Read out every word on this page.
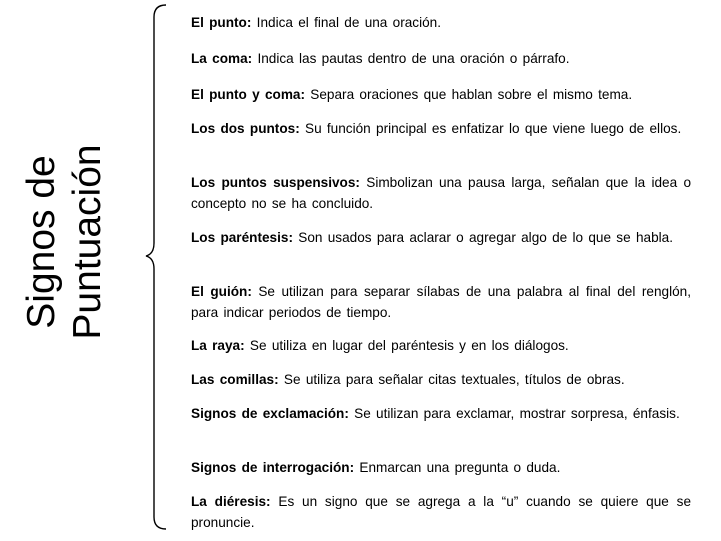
Signos de Puntuación
El punto: Indica el final de una oración.
La coma: Indica las pautas dentro de una oración o párrafo.
El punto y coma: Separa oraciones que hablan sobre el mismo tema.
Los dos puntos: Su función principal es enfatizar lo que viene luego de ellos.
Los puntos suspensivos: Simbolizan una pausa larga, señalan que la idea o concepto no se ha concluido.
Los paréntesis: Son usados para aclarar o agregar algo de lo que se habla.
El guión: Se utilizan para separar sílabas de una palabra al final del renglón, para indicar periodos de tiempo.
La raya: Se utiliza en lugar del paréntesis y en los diálogos.
Las comillas: Se utiliza para señalar citas textuales, títulos de obras.
Signos de exclamación: Se utilizan para exclamar, mostrar sorpresa, énfasis.
Signos de interrogación: Enmarcan una pregunta o duda.
La diéresis: Es un signo que se agrega a la “u” cuando se quiere que se pronuncie.
